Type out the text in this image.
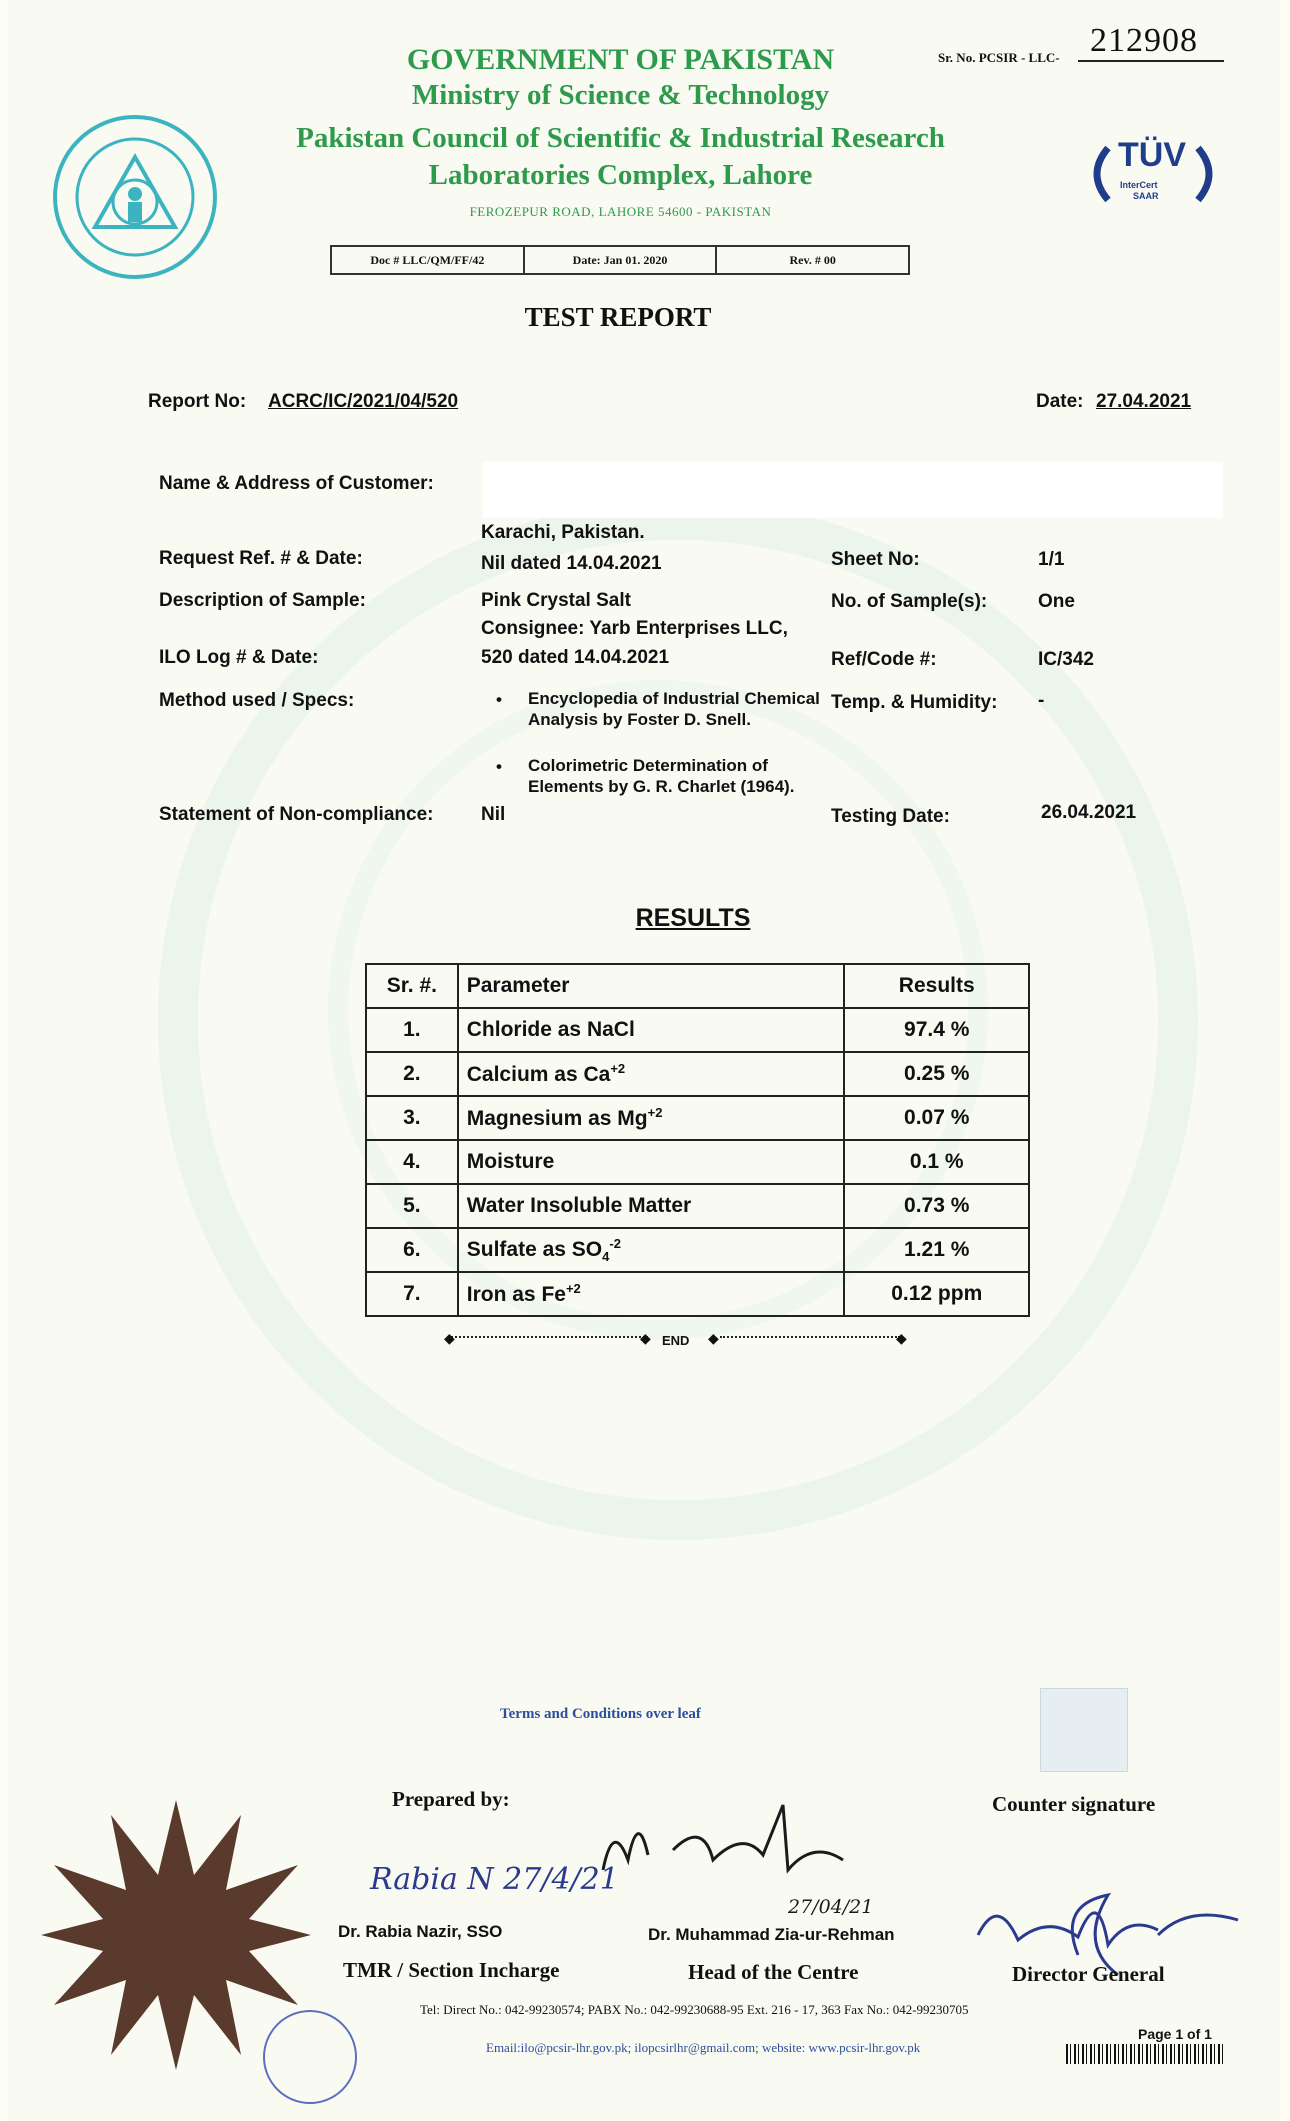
Sr. No. PCSIR - LLC- 212908
GOVERNMENT OF PAKISTAN
Ministry of Science & Technology
Pakistan Council of Scientific & Industrial Research
Laboratories Complex, Lahore
FEROZEPUR ROAD, LAHORE 54600 - PAKISTAN
TÜV
InterCert
SAAR
Doc # LLC/QM/FF/42	Date: Jan 01. 2020	Rev. # 00
TEST REPORT
Report No: ACRC/IC/2021/04/520	Date: 27.04.2021
Name & Address of Customer:
Karachi, Pakistan.
Request Ref. # & Date:	Nil dated 14.04.2021	Sheet No:	1/1
Description of Sample:	Pink Crystal Salt
Consignee: Yarb Enterprises LLC,
No. of Sample(s):	One
ILO Log # & Date:	520 dated 14.04.2021	Ref/Code #:	IC/342
Method used / Specs:	• Encyclopedia of Industrial Chemical Analysis by Foster D. Snell.
• Colorimetric Determination of Elements by G. R. Charlet (1964).
Temp. & Humidity: -
Statement of Non-compliance:	Nil	Testing Date:	26.04.2021
RESULTS
Sr. #.	Parameter	Results
1.	Chloride as NaCl	97.4 %
2.	Calcium as $Ca^{+2}$	0.25 %
3.	Magnesium as $Mg^{+2}$	0.07 %
4.	Moisture	0.1 %
5.	Water Insoluble Matter	0.73 %
6.	Sulfate as $SO_4^{-2}$	1.21 %
7.	Iron as $Fe^{+2}$	0.12 ppm
◆	◆ END ◆	◆
Terms and Conditions over leaf
Prepared by:	Counter signature
Rabia N 27/4/21
Dr. Rabia Nazir, SSO
TMR / Section Incharge
27/04/21
Dr. Muhammad Zia-ur-Rehman
Head of the Centre	Director General
Tel: Direct No.: 042-99230574; PABX No.: 042-99230688-95 Ext. 216 - 17, 363 Fax No.: 042-99230705
Email:ilo@pcsir-lhr.gov.pk; ilopcsirlhr@gmail.com; website: www.pcsir-lhr.gov.pk
Page 1 of 1
